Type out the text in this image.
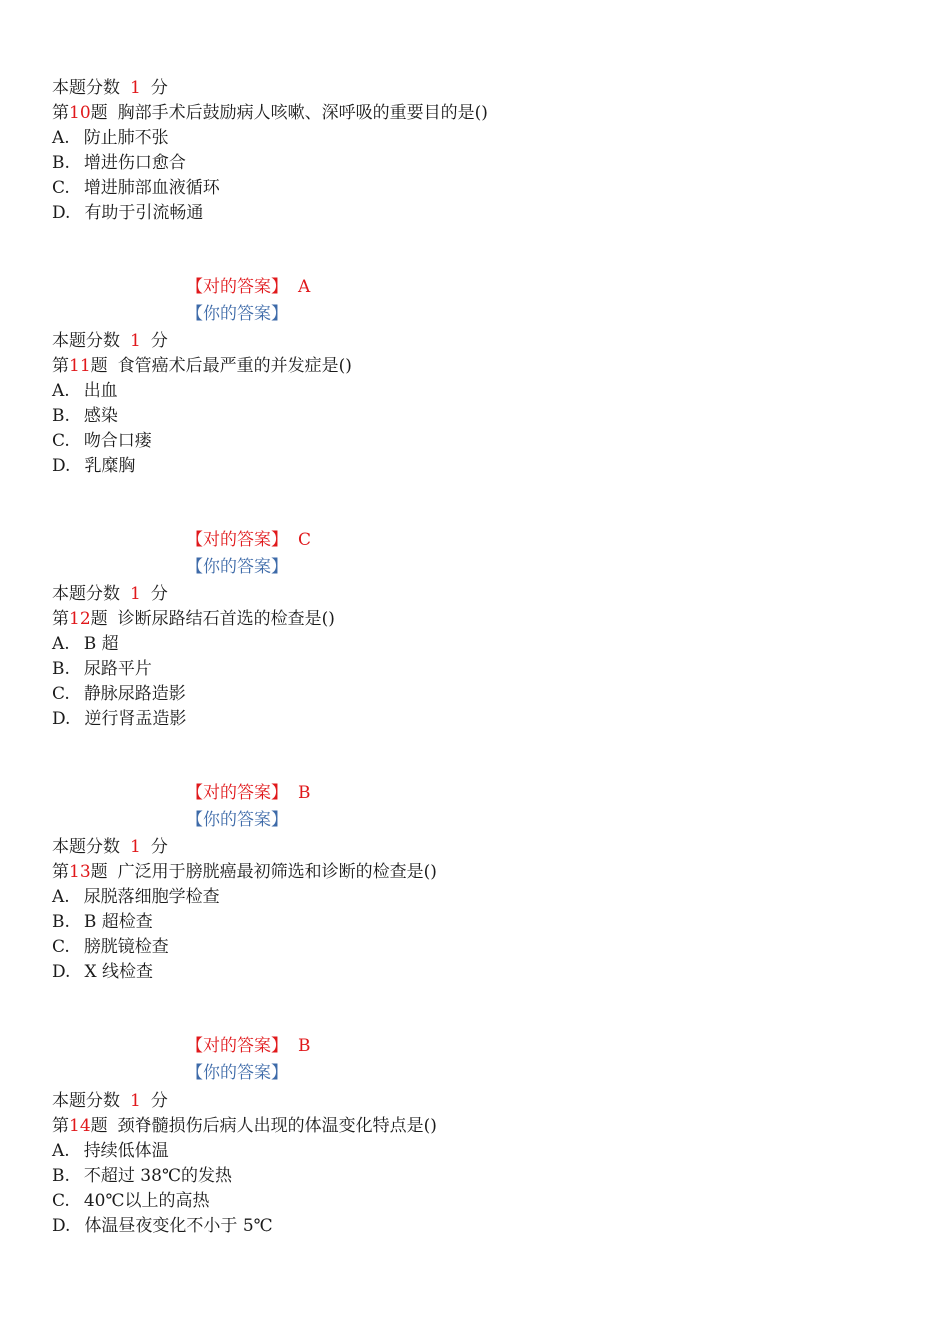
本题分数 1 分
第10题 胸部手术后鼓励病人咳嗽、深呼吸的重要目的是()
A. 防止肺不张
B. 增进伤口愈合
C. 增进肺部血液循环
D. 有助于引流畅通
【对的答案】 A
【你的答案】
本题分数 1 分
第11题 食管癌术后最严重的并发症是()
A. 出血
B. 感染
C. 吻合口瘘
D. 乳糜胸
【对的答案】 C
【你的答案】
本题分数 1 分
第12题 诊断尿路结石首选的检查是()
A. B 超
B. 尿路平片
C. 静脉尿路造影
D. 逆行肾盂造影
【对的答案】 B
【你的答案】
本题分数 1 分
第13题 广泛用于膀胱癌最初筛选和诊断的检查是()
A. 尿脱落细胞学检查
B. B 超检查
C. 膀胱镜检查
D. X 线检查
【对的答案】 B
【你的答案】
本题分数 1 分
第14题 颈脊髓损伤后病人出现的体温变化特点是()
A. 持续低体温
B. 不超过 38℃的发热
C. 40℃以上的高热
D. 体温昼夜变化不小于 5℃
